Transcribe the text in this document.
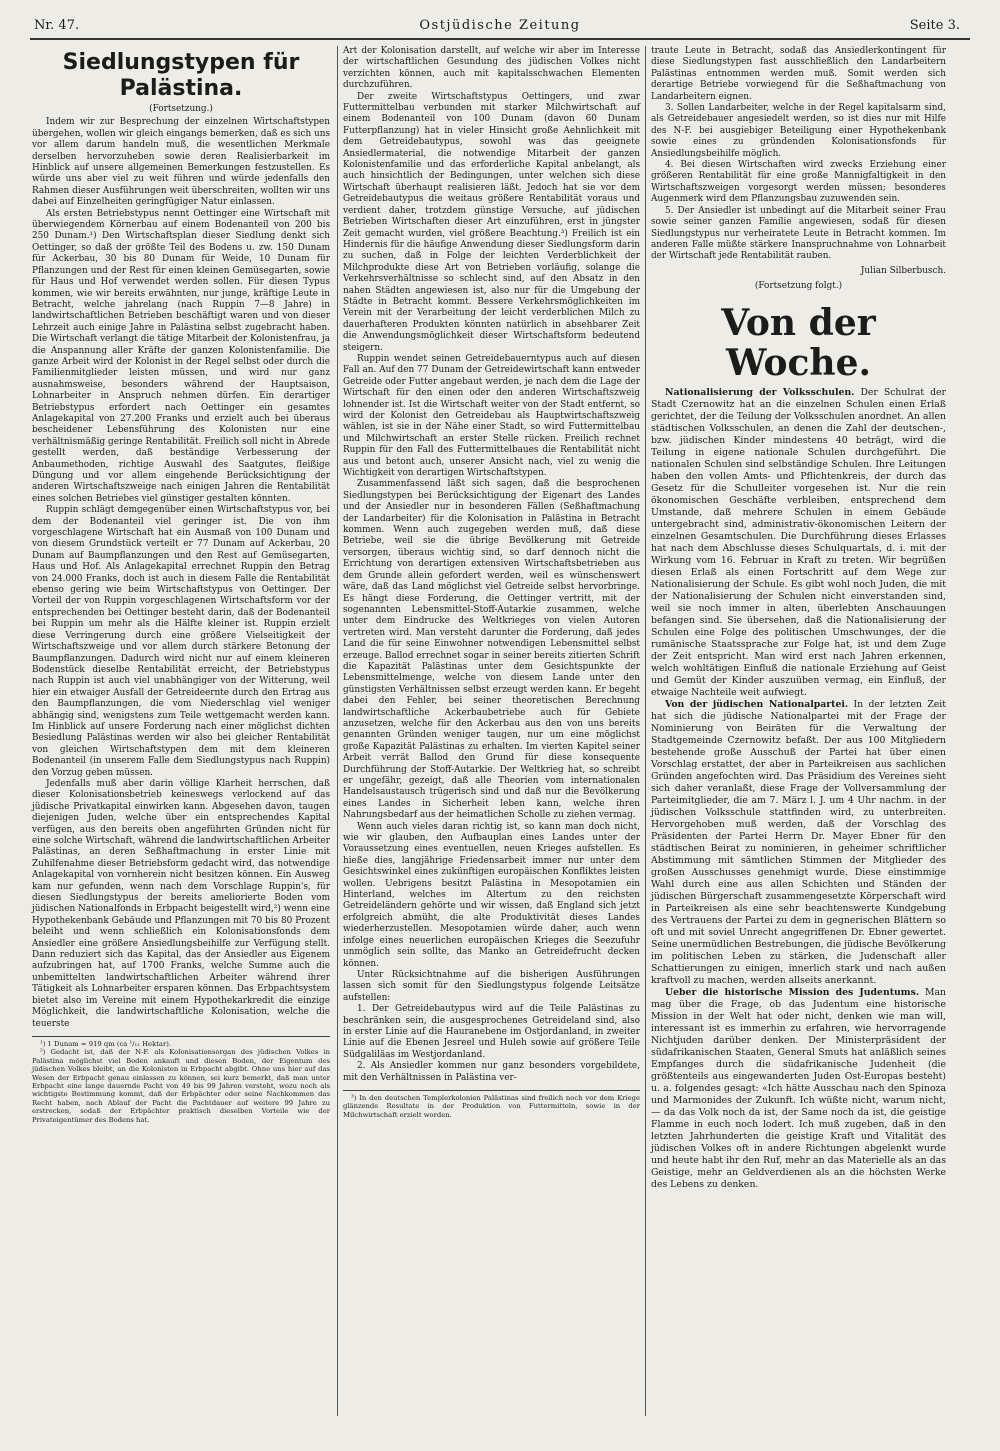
Nr. 47.	Ostjüdische Zeitung	Seite 3.
Siedlungstypen für Palästina.
(Fortsetzung.)

Indem wir zur Besprechung der einzelnen Wirtschaftstypen übergehen, wollen wir gleich eingangs bemerken, daß es sich uns vor allem darum handeln muß, die wesentlichen Merkmale derselben hervorzuheben sowie deren Realisierbarkeit im Hinblick auf unsere allgemeinen Bemerkungen festzustellen. Es würde uns aber viel zu weit führen und würde jedenfalls den Rahmen dieser Ausführungen weit überschreiten, wollten wir uns dabei auf Einzelheiten geringfügiger Natur einlassen.

Als ersten Betriebstypus nennt Oettinger eine Wirtschaft mit überwiegendem Körnerbau auf einem Bodenanteil von 200 bis 250 Dunam.¹) Den Wirtschaftsplan dieser Siedlung denkt sich Oettinger, so daß der größte Teil des Bodens u. zw. 150 Dunam für Ackerbau, 30 bis 80 Dunam für Weide, 10 Dunam für Pflanzungen und der Rest für einen kleinen Gemüsegarten, sowie für Haus und Hof verwendet werden sollen. Für diesen Typus kommen, wie wir bereits erwähnten, nur junge, kräftige Leute in Betracht, welche jahrelang (nach Ruppin 7—8 Jahre) in landwirtschaftlichen Betrieben beschäftigt waren und von dieser Lehrzeit auch einige Jahre in Palästina selbst zugebracht haben. Die Wirtschaft verlangt die tätige Mitarbeit der Kolonistenfrau, ja die Anspannung aller Kräfte der ganzen Kolonistenfamilie. Die ganze Arbeit wird der Kolonist in der Regel selbst oder durch die Familienmitglieder leisten müssen, und wird nur ganz ausnahmsweise, besonders während der Hauptsaison, Lohnarbeiter in Anspruch nehmen dürfen. Ein derartiger Betriebstypus erfordert nach Oettinger ein gesamtes Anlagekapital von 27.200 Franks und erzielt auch bei überaus bescheidener Lebensführung des Kolonisten nur eine verhältnismäßig geringe Rentabilität. Freilich soll nicht in Abrede gestellt werden, daß beständige Verbesserung der Anbaumethoden, richtige Auswahl des Saatgutes, fleißige Düngung und vor allem eingehende Berücksichtigung der anderen Wirtschaftszweige nach einigen Jahren die Rentabilität eines solchen Betriebes viel günstiger gestalten könnten.

Ruppin schlägt demgegenüber einen Wirtschaftstypus vor, bei dem der Bodenanteil viel geringer ist. Die von ihm vorgeschlagene Wirtschaft hat ein Ausmaß von 100 Dunam und von diesem Grundstück verteilt er 77 Dunam auf Ackerbau, 20 Dunam auf Baumpflanzungen und den Rest auf Gemüsegarten, Haus und Hof. Als Anlagekapital errechnet Ruppin den Betrag von 24.000 Franks, doch ist auch in diesem Falle die Rentabilität ebenso gering wie beim Wirtschaftstypus von Oettinger. Der Vorteil der von Ruppin vorgeschlagenen Wirtschaftsform vor der entsprechenden bei Oettinger besteht darin, daß der Bodenanteil bei Ruppin um mehr als die Hälfte kleiner ist. Ruppin erzielt diese Verringerung durch eine größere Vielseitigkeit der Wirtschaftszweige und vor allem durch stärkere Betonung der Baumpflanzungen. Dadurch wird nicht nur auf einem kleineren Bodenstück dieselbe Rentabilität erreicht, der Betriebstypus nach Ruppin ist auch viel unabhängiger von der Witterung, weil hier ein etwaiger Ausfall der Getreideernte durch den Ertrag aus den Baumpflanzungen, die vom Niederschlag viel weniger abhängig sind, wenigstens zum Teile wettgemacht werden kann. Im Hinblick auf unsere Forderung nach einer möglichst dichten Besiedlung Palästinas werden wir also bei gleicher Rentabilität von gleichen Wirtschaftstypen dem mit dem kleineren Bodenanteil (in unserem Falle dem Siedlungstypus nach Ruppin) den Vorzug geben müssen.

Jedenfalls muß aber darin völlige Klarheit herrschen, daß dieser Kolonisationsbetrieb keineswegs verlockend auf das jüdische Privatkapital einwirken kann. Abgesehen davon, taugen diejenigen Juden, welche über ein entsprechendes Kapital verfügen, aus den bereits oben angeführten Gründen nicht für eine solche Wirtschaft, während die landwirtschaftlichen Arbeiter Palästinas, an deren Seßhaftmachung in erster Linie mit Zuhilfenahme dieser Betriebsform gedacht wird, das notwendige Anlagekapital von vornherein nicht besitzen können. Ein Ausweg kam nur gefunden, wenn nach dem Vorschlage Ruppin's, für diesen Siedlungstypus der bereits ameliorierte Boden vom jüdischen Nationalfonds in Erbpacht beigestellt wird,²) wenn eine Hypothekenbank Gebäude und Pflanzungen mit 70 bis 80 Prozent beleiht und wenn schließlich ein Kolonisationsfonds dem Ansiedler eine größere Ansiedlungsbeihilfe zur Verfügung stellt. Dann reduziert sich das Kapital, das der Ansiedler aus Eigenem aufzubringen hat, auf 1700 Franks, welche Summe auch die unbemittelten landwirtschaftlichen Arbeiter während ihrer Tätigkeit als Lohnarbeiter ersparen können. Das Erbpachtsystem bietet also im Vereine mit einem Hypothekarkredit die einzige Möglichkeit, die landwirtschaftliche Kolonisation, welche die teuerste

¹) 1 Dunam = 919 qm (ca ¹/₁₁ Hektar).

²) Gedacht ist, daß der N-F. als Kolonisationsorgan des jüdischen Volkes in Palästina möglichst viel Boden ankauft und diesen Boden, der Eigentum des jüdischen Volkes bleibt, an die Kolonisten in Erbpacht abgibt. Ohne uns hier auf das Wesen der Erbpacht genau einlassen zu können, sei kurz bemerkt, daß man unter Erbpacht eine lange dauernde Pacht von 49 bis 99 Jahren versteht, wozu noch als wichtigste Bestimmung kommt, daß der Erbpächter oder seine Nachkommen das Recht haben, nach Ablauf der Pacht die Pachtdauer auf weitere 99 Jahre zu erstrecken, sodaß der Erbpächter praktisch dieselben Vorteile wie der Privateigentümer des Bodens hat.

Art der Kolonisation darstellt, auf welche wir aber im Interesse der wirtschaftlichen Gesundung des jüdischen Volkes nicht verzichten können, auch mit kapitalsschwachen Elementen durchzuführen.

Der zweite Wirtschaftstypus Oettingers, und zwar Futtermittelbau verbunden mit starker Milchwirtschaft auf einem Bodenanteil von 100 Dunam (davon 60 Dunam Futterpflanzung) hat in vieler Hinsicht große Aehnlichkeit mit dem Getreidebautypus, sowohl was das geeignete Ansiedlermaterial, die notwendige Mitarbeit der ganzen Kolonistenfamilie und das erforderliche Kapital anbelangt, als auch hinsichtlich der Bedingungen, unter welchen sich diese Wirtschaft überhaupt realisieren läßt. Jedoch hat sie vor dem Getreidebautypus die weitaus größere Rentabilität voraus und verdient daher, trotzdem günstige Versuche, auf jüdischen Betrieben Wirtschaften dieser Art einzuführen, erst in jüngster Zeit gemacht wurden, viel größere Beachtung.³) Freilich ist ein Hindernis für die häufige Anwendung dieser Siedlungsform darin zu suchen, daß in Folge der leichten Verderblichkeit der Milchprodukte diese Art von Betrieben vorläufig, solange die Verkehrsverhältnisse so schlecht sind, auf den Absatz in den nahen Städten angewiesen ist, also nur für die Umgebung der Städte in Betracht kommt. Bessere Verkehrsmöglichkeiten im Verein mit der Verarbeitung der leicht verderblichen Milch zu dauerhafteren Produkten könnten natürlich in absehbarer Zeit die Anwendungsmöglichkeit dieser Wirtschaftsform bedeutend steigern.

Ruppin wendet seinen Getreidebauerntypus auch auf diesen Fall an. Auf den 77 Dunam der Getreidewirtschaft kann entweder Getreide oder Futter angebaut werden, je nach dem die Lage der Wirtschaft für den einen oder den anderen Wirtschaftszweig lohnender ist. Ist die Wirtschaft weiter von der Stadt entfernt, so wird der Kolonist den Getreidebau als Hauptwirtschaftszweig wählen, ist sie in der Nähe einer Stadt, so wird Futtermittelbau und Milchwirtschaft an erster Stelle rücken. Freilich rechnet Ruppin für den Fall des Futtermittelbaues die Rentabilität nicht aus und betont auch, unserer Ansicht nach, viel zu wenig die Wichtigkeit von derartigen Wirtschaftstypen.

Zusammenfassend läßt sich sagen, daß die besprochenen Siedlungstypen bei Berücksichtigung der Eigenart des Landes und der Ansiedler nur in besonderen Fällen (Seßhaftmachung der Landarbeiter) für die Kolonisation in Palästina in Betracht kommen. Wenn auch zugegeben werden muß, daß diese Betriebe, weil sie die übrige Bevölkerung mit Getreide versorgen, überaus wichtig sind, so darf dennoch nicht die Errichtung von derartigen extensiven Wirtschaftsbetrieben aus dem Grunde allein gefordert werden, weil es wünschenswert wäre, daß das Land möglichst viel Getreide selbst hervorbringe. Es hängt diese Forderung, die Oettinger vertritt, mit der sogenannten Lebensmittel-Stoff-Autarkie zusammen, welche unter dem Eindrucke des Weltkrieges von vielen Autoren vertreten wird. Man versteht darunter die Forderung, daß jedes Land die für seine Einwohner notwendigen Lebensmittel selbst erzeuge. Ballod errechnet sogar in seiner bereits zitierten Schrift die Kapazität Palästinas unter dem Gesichtspunkte der Lebensmittelmenge, welche von diesem Lande unter den günstigsten Verhältnissen selbst erzeugt werden kann. Er begeht dabei den Fehler, bei seiner theoretischen Berechnung landwirtschaftliche Ackerbaubetriebe auch für Gebiete anzusetzen, welche für den Ackerbau aus den von uns bereits genannten Gründen weniger taugen, nur um eine möglichst große Kapazität Palästinas zu erhalten. Im vierten Kapitel seiner Arbeit verrät Ballod den Grund für diese konsequente Durchführung der Stoff-Autarkie. Der Weltkrieg hat, so schreibt er ungefähr, gezeigt, daß alle Theorien vom internationalen Handelsaustausch trügerisch sind und daß nur die Bevölkerung eines Landes in Sicherheit leben kann, welche ihren Nahrungsbedarf aus der heimatlichen Scholle zu ziehen vermag.

Wenn auch vieles daran richtig ist, so kann man doch nicht, wie wir glauben, den Aufbauplan eines Landes unter der Voraussetzung eines eventuellen, neuen Krieges aufstellen. Es hieße dies, langjährige Friedensarbeit immer nur unter dem Gesichtswinkel eines zukünftigen europäischen Konfliktes leisten wollen. Uebrigens besitzt Palästina in Mesopotamien ein Hinterland, welches im Altertum zu den reichsten Getreideländern gehörte und wir wissen, daß England sich jetzt erfolgreich abmüht, die alte Produktivität dieses Landes wiederherzustellen. Mesopotamien würde daher, auch wenn infolge eines neuerlichen europäischen Krieges die Seezufuhr unmöglich sein sollte, das Manko an Getreidefrucht decken können.

Unter Rücksichtnahme auf die bisherigen Ausführungen lassen sich somit für den Siedlungstypus folgende Leitsätze aufstellen:

1. Der Getreidebautypus wird auf die Teile Palästinas zu beschränken sein, die ausgesprochenes Getreideland sind, also in erster Linie auf die Hauranebene im Ostjordanland, in zweiter Linie auf die Ebenen Jesreel und Huleh sowie auf größere Teile Südgaliläas im Westjordanland.

2. Als Ansiedler kommen nur ganz besonders vorgebildete, mit den Verhältnissen in Palästina ver-

³) In den deutschen Templerkolonien Palästinas sind freilich noch vor dem Kriege glänzende Resultate in der Produktion von Futtermitteln, sowie in der Milchwirtschaft erzielt worden.

traute Leute in Betracht, sodaß das Ansiedlerkontingent für diese Siedlungstypen fast ausschließlich den Landarbeitern Palästinas entnommen werden muß. Somit werden sich derartige Betriebe vorwiegend für die Seßhaftmachung von Landarbeitern eignen.

3. Sollen Landarbeiter, welche in der Regel kapitalsarm sind, als Getreidebauer angesiedelt werden, so ist dies nur mit Hilfe des N-F. bei ausgiebiger Beteiligung einer Hypothekenbank sowie eines zu gründenden Kolonisationsfonds für Ansiedlungsbeihilfe möglich.

4. Bei diesen Wirtschaften wird zwecks Erziehung einer größeren Rentabilität für eine große Mannigfaltigkeit in den Wirtschaftszweigen vorgesorgt werden müssen; besonderes Augenmerk wird dem Pflanzungsbau zuzuwenden sein.

5. Der Ansiedler ist unbedingt auf die Mitarbeit seiner Frau sowie seiner ganzen Familie angewiesen, sodaß für diesen Siedlungstypus nur verheiratete Leute in Betracht kommen. Im anderen Falle müßte stärkere Inanspruchnahme von Lohnarbeit der Wirtschaft jede Rentabilität rauben.

Julian Silberbusch.
(Fortsetzung folgt.)
Von der Woche.

Nationalisierung der Volksschulen. Der Schulrat der Stadt Czernowitz hat an die einzelnen Schulen einen Erlaß gerichtet, der die Teilung der Volksschulen anordnet. An allen städtischen Volksschulen, an denen die Zahl der deutschen-, bzw. jüdischen Kinder mindestens 40 beträgt, wird die Teilung in eigene nationale Schulen durchgeführt. Die nationalen Schulen sind selbständige Schulen. Ihre Leitungen haben den vollen Amts- und Pflichtenkreis, der durch das Gesetz für die Schulleiter vorgesehen ist. Nur die rein ökonomischen Geschäfte verbleiben, entsprechend dem Umstande, daß mehrere Schulen in einem Gebäude untergebracht sind, administrativ-ökonomischen Leitern der einzelnen Gesamtschulen. Die Durchführung dieses Erlasses hat nach dem Abschlusse dieses Schulquartals, d. i. mit der Wirkung vom 16. Februar in Kraft zu treten. Wir begrüßen diesen Erlaß als einen Fortschritt auf dem Wege zur Nationalisierung der Schule. Es gibt wohl noch Juden, die mit der Nationalisierung der Schulen nicht einverstanden sind, weil sie noch immer in alten, überlebten Anschauungen befangen sind. Sie übersehen, daß die Nationalisierung der Schulen eine Folge des politischen Umschwunges, der die rumänische Staatssprache zur Folge hat, ist und dem Zuge der Zeit entspricht. Man wird erst nach Jahren erkennen, welch wohltätigen Einfluß die nationale Erziehung auf Geist und Gemüt der Kinder auszuüben vermag, ein Einfluß, der etwaige Nachteile weit aufwiegt.

Von der jüdischen Nationalpartei. In der letzten Zeit hat sich die jüdische Nationalpartei mit der Frage der Nominierung von Beiräten für die Verwaltung der Stadtgemeinde Czernowitz befaßt. Der aus 100 Mitgliedern bestehende große Ausschuß der Partei hat über einen Vorschlag erstattet, der aber in Parteikreisen aus sachlichen Gründen angefochten wird. Das Präsidium des Vereines sieht sich daher veranlaßt, diese Frage der Vollversammlung der Parteimitglieder, die am 7. März l. J. um 4 Uhr nachm. in der jüdischen Volksschule stattfinden wird, zu unterbreiten. Hervorgehoben muß werden, daß der Vorschlag des Präsidenten der Partei Herrn Dr. Mayer Ebner für den städtischen Beirat zu nominieren, in geheimer schriftlicher Abstimmung mit sämtlichen Stimmen der Mitglieder des großen Ausschusses genehmigt wurde. Diese einstimmige Wahl durch eine aus allen Schichten und Ständen der jüdischen Bürgerschaft zusammengesetzte Körperschaft wird in Parteikreisen als eine sehr beachtenswerte Kundgebung des Vertrauens der Partei zu dem in gegnerischen Blättern so oft und mit soviel Unrecht angegriffenen Dr. Ebner gewertet. Seine unermüdlichen Bestrebungen, die jüdische Bevölkerung im politischen Leben zu stärken, die Judenschaft aller Schattierungen zu einigen, innerlich stark und nach außen kraftvoll zu machen, werden allseits anerkannt.

Ueber die historische Mission des Judentums. Man mag über die Frage, ob das Judentum eine historische Mission in der Welt hat oder nicht, denken wie man will, interessant ist es immerhin zu erfahren, wie hervorragende Nichtjuden darüber denken. Der Ministerpräsident der südafrikanischen Staaten, General Smuts hat anläßlich seines Empfanges durch die südafrikanische Judenheit (die größtenteils aus eingewanderten Juden Ost-Europas besteht) u. a. folgendes gesagt: «Ich hätte Ausschau nach den Spinoza und Marmonides der Zukunft. Ich wüßte nicht, warum nicht, — da das Volk noch da ist, der Same noch da ist, die geistige Flamme in euch noch lodert. Ich muß zugeben, daß in den letzten Jahrhunderten die geistige Kraft und Vitalität des jüdischen Volkes oft in andere Richtungen abgelenkt wurde und heute habt ihr den Ruf, mehr an das Materielle als an das Geistige, mehr an Geldverdienen als an die höchsten Werke des Lebens zu denken.
